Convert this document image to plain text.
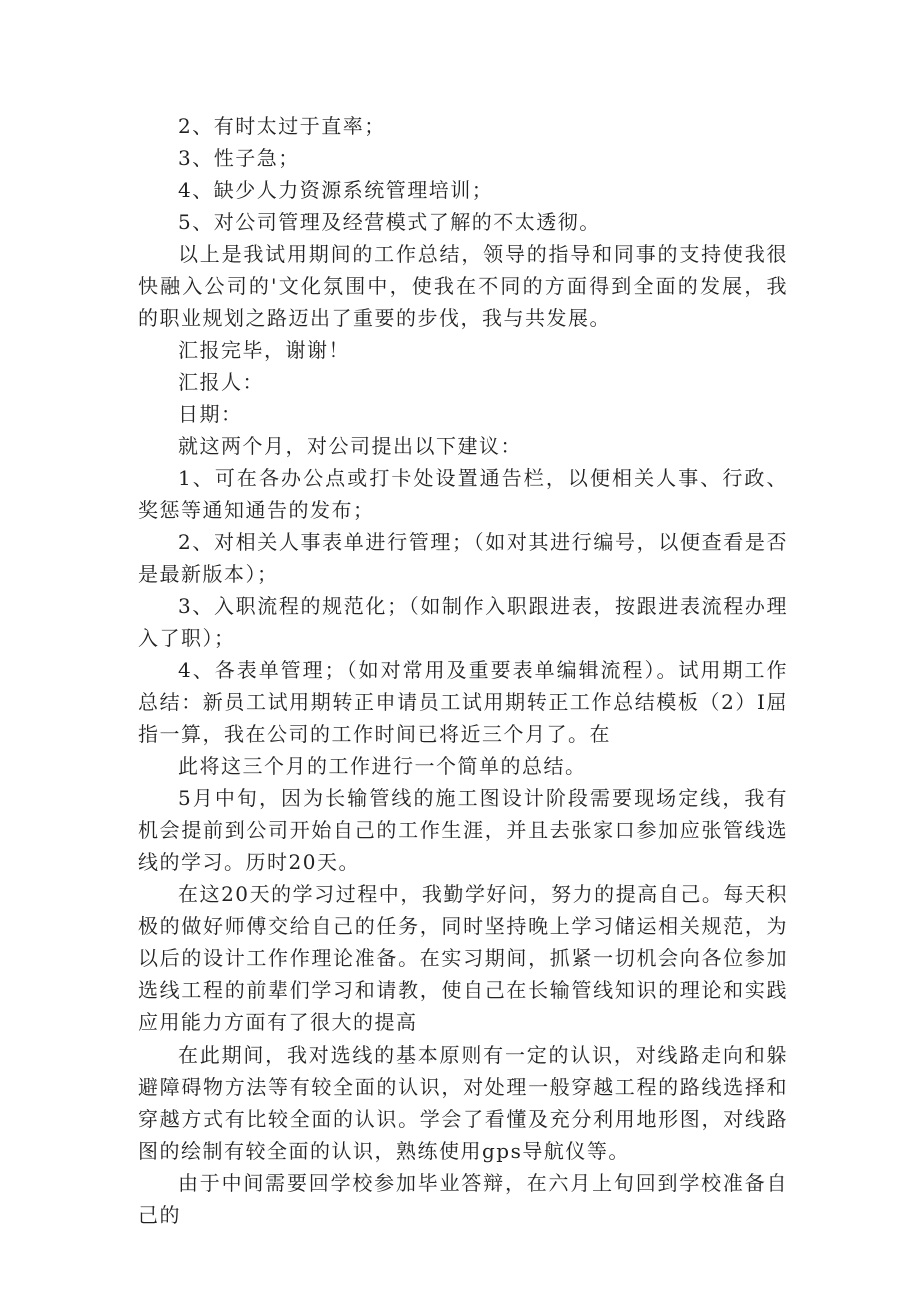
2、有时太过于直率；

3、性子急；

4、缺少人力资源系统管理培训；

5、对公司管理及经营模式了解的不太透彻。

以上是我试用期间的工作总结，领导的指导和同事的支持使我很快融入公司的'文化氛围中，使我在不同的方面得到全面的发展，我的职业规划之路迈出了重要的步伐，我与共发展。

汇报完毕，谢谢！

汇报人：

日期：

就这两个月，对公司提出以下建议：

1、可在各办公点或打卡处设置通告栏，以便相关人事、行政、奖惩等通知通告的发布；

2、对相关人事表单进行管理；（如对其进行编号，以便查看是否是最新版本）；

3、入职流程的规范化；（如制作入职跟进表，按跟进表流程办理入了职）；

4、各表单管理；（如对常用及重要表单编辑流程）。试用期工作总结：新员工试用期转正申请员工试用期转正工作总结模板（2）I屈指一算，我在公司的工作时间已将近三个月了。在

此将这三个月的工作进行一个简单的总结。

5月中旬，因为长输管线的施工图设计阶段需要现场定线，我有机会提前到公司开始自己的工作生涯，并且去张家口参加应张管线选线的学习。历时20天。

在这20天的学习过程中，我勤学好问，努力的提高自己。每天积极的做好师傅交给自己的任务，同时坚持晚上学习储运相关规范，为以后的设计工作作理论准备。在实习期间，抓紧一切机会向各位参加选线工程的前辈们学习和请教，使自己在长输管线知识的理论和实践应用能力方面有了很大的提高

在此期间，我对选线的基本原则有一定的认识，对线路走向和躲避障碍物方法等有较全面的认识，对处理一般穿越工程的路线选择和穿越方式有比较全面的认识。学会了看懂及充分利用地形图，对线路图的绘制有较全面的认识，熟练使用gps导航仪等。

由于中间需要回学校参加毕业答辩，在六月上旬回到学校准备自己的
